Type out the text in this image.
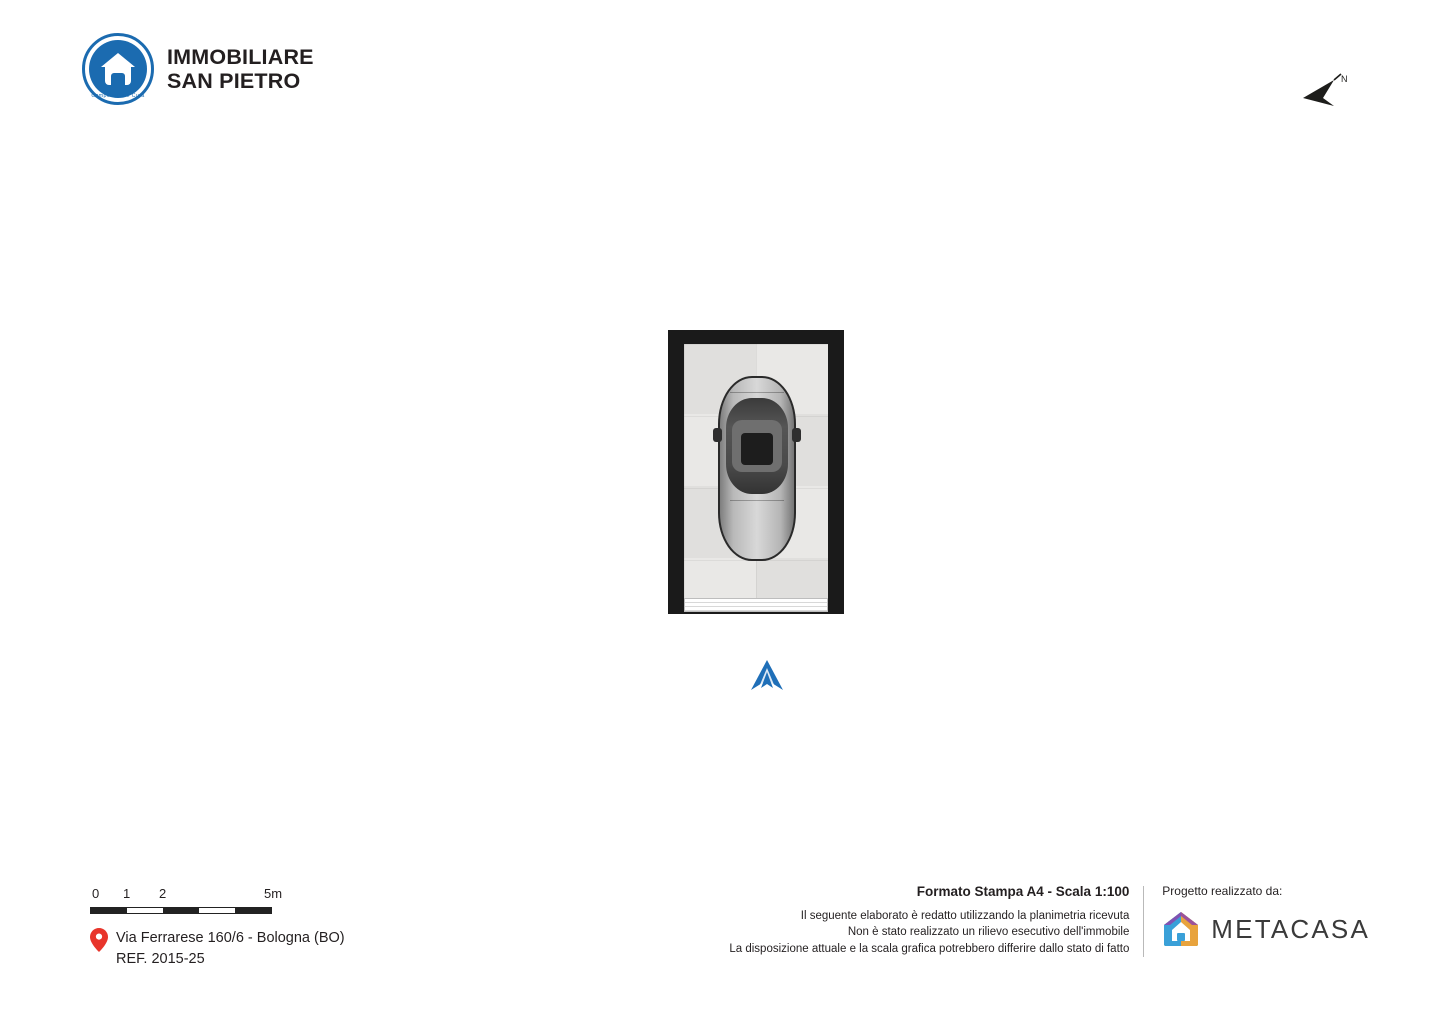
Competenza e Cura
IMMOBILIARE
SAN PIETRO	N
0 1 2	5m
Via Ferrarese 160/6 - Bologna (BO)
REF. 2015-25
Formato Stampa A4 - Scala 1:100
Il seguente elaborato è redatto utilizzando la planimetria ricevuta
Non è stato realizzato un rilievo esecutivo dell'immobile
La disposizione attuale e la scala grafica potrebbero differire dallo stato di fatto
Progetto realizzato da:
METACASA
